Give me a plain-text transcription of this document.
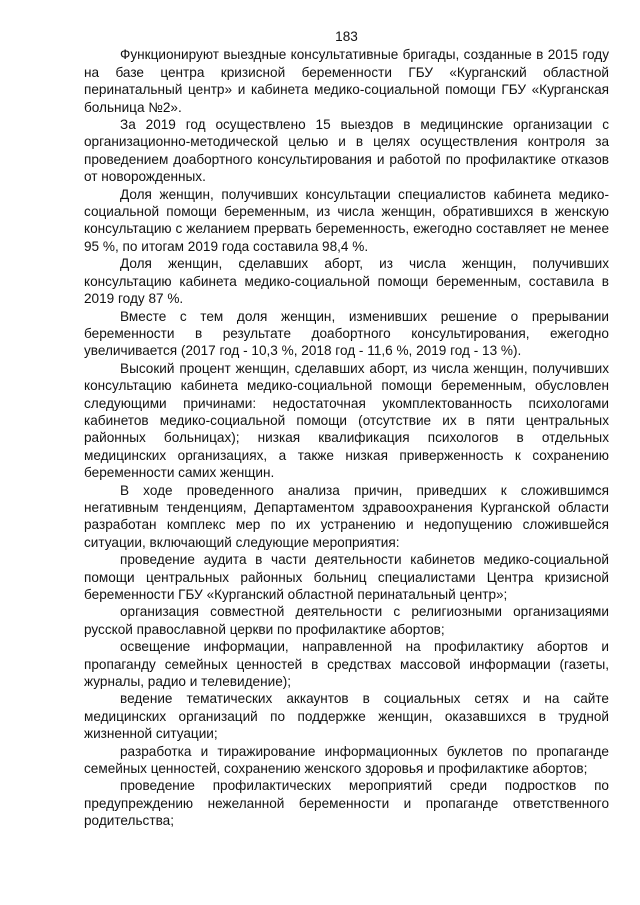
183

Функционируют выездные консультативные бригады, созданные в 2015 году на базе центра кризисной беременности ГБУ «Курганский областной перинатальный центр» и кабинета медико-социальной помощи ГБУ «Курганская больница №2».

За 2019 год осуществлено 15 выездов в медицинские организации с организационно-методической целью и в целях осуществления контроля за проведением доабортного консультирования и работой по профилактике отказов от новорожденных.

Доля женщин, получивших консультации специалистов кабинета медико-социальной помощи беременным, из числа женщин, обратившихся в женскую консультацию с желанием прервать беременность, ежегодно составляет не менее 95 %, по итогам 2019 года составила 98,4 %.

Доля женщин, сделавших аборт, из числа женщин, получивших консультацию кабинета медико-социальной помощи беременным, составила в 2019 году 87 %.

Вместе с тем доля женщин, изменивших решение о прерывании беременности в результате доабортного консультирования, ежегодно увеличивается (2017 год - 10,3 %, 2018 год - 11,6 %, 2019 год - 13 %).

Высокий процент женщин, сделавших аборт, из числа женщин, получивших консультацию кабинета медико-социальной помощи беременным, обусловлен следующими причинами: недостаточная укомплектованность психологами кабинетов медико-социальной помощи (отсутствие их в пяти центральных районных больницах); низкая квалификация психологов в отдельных медицинских организациях, а также низкая приверженность к сохранению беременности самих женщин.

В ходе проведенного анализа причин, приведших к сложившимся негативным тенденциям, Департаментом здравоохранения Курганской области разработан комплекс мер по их устранению и недопущению сложившейся ситуации, включающий следующие мероприятия:

проведение аудита в части деятельности кабинетов медико-социальной помощи центральных районных больниц специалистами Центра кризисной беременности ГБУ «Курганский областной перинатальный центр»;

организация совместной деятельности с религиозными организациями русской православной церкви по профилактике абортов;

освещение информации, направленной на профилактику абортов и пропаганду семейных ценностей в средствах массовой информации (газеты, журналы, радио и телевидение);

ведение тематических аккаунтов в социальных сетях и на сайте медицинских организаций по поддержке женщин, оказавшихся в трудной жизненной ситуации;

разработка и тиражирование информационных буклетов по пропаганде семейных ценностей, сохранению женского здоровья и профилактике абортов;

проведение профилактических мероприятий среди подростков по предупреждению нежеланной беременности и пропаганде ответственного родительства;
